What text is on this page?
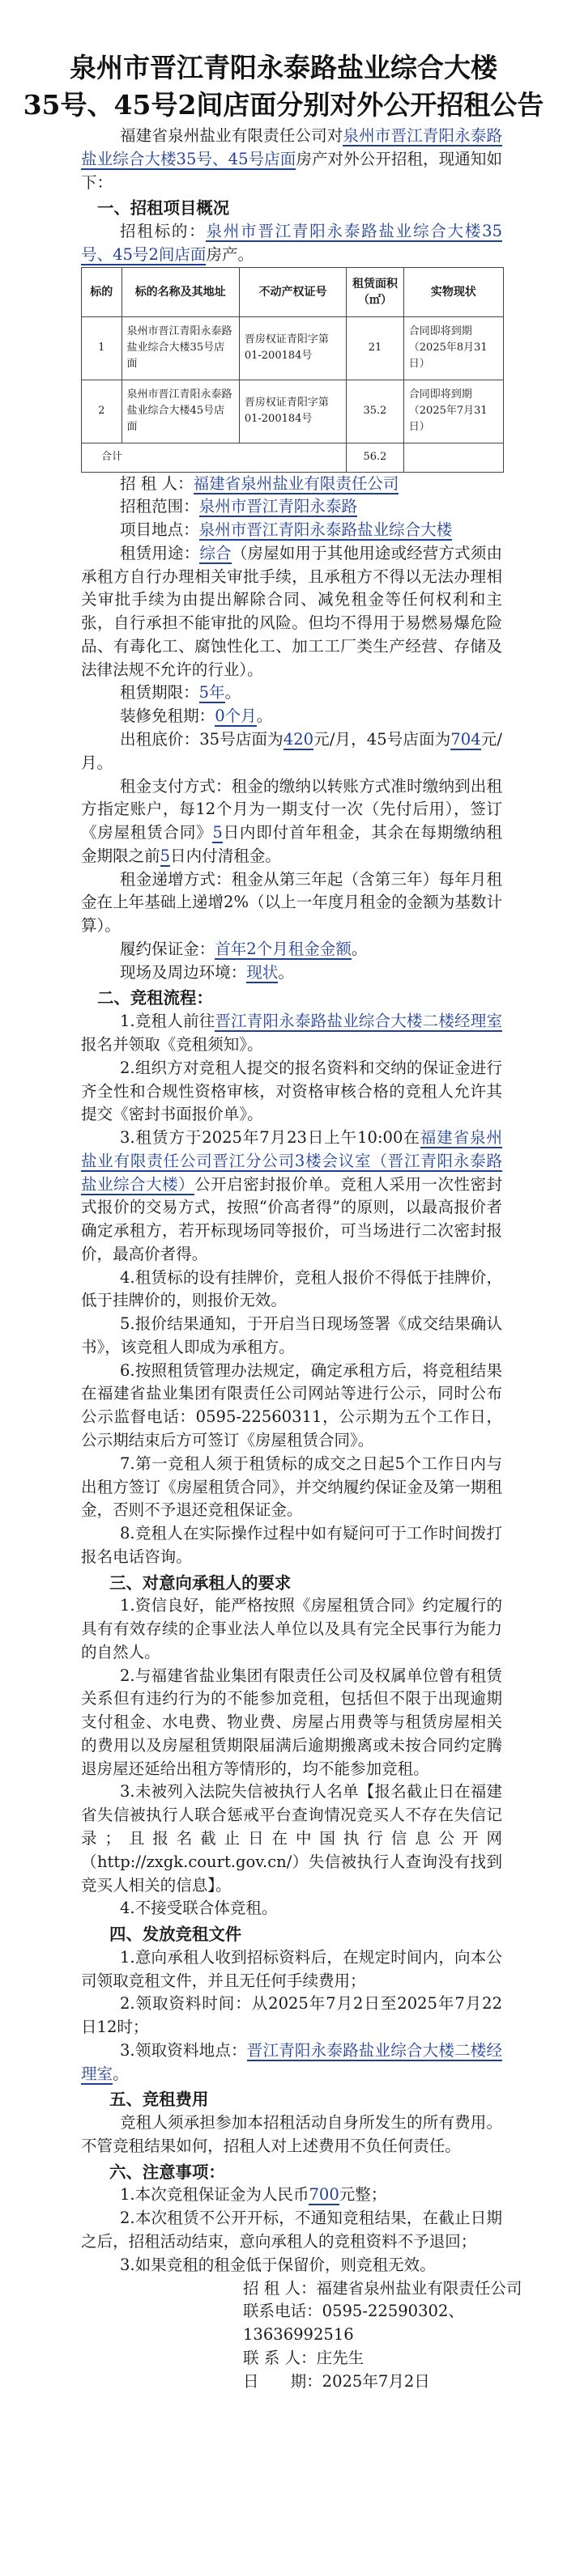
泉州市晋江青阳永泰路盐业综合大楼
35号、45号2间店面分别对外公开招租公告
福建省泉州盐业有限责任公司对泉州市晋江青阳永泰路盐业综合大楼35号、45号店面房产对外公开招租，现通知如下：
一、招租项目概况
招租标的：泉州市晋江青阳永泰路盐业综合大楼35号、45号2间店面房产。
标的	标的名称及其地址	不动产权证号	租赁面积（㎡）	实物现状
1	泉州市晋江青阳永泰路盐业综合大楼35号店面	晋房权证青阳字第01-200184号	21	合同即将到期（2025年8月31日）
2	泉州市晋江青阳永泰路盐业综合大楼45号店面	晋房权证青阳字第01-200184号	35.2	合同即将到期（2025年7月31日）
合计			56.2	
招 租 人：福建省泉州盐业有限责任公司
招租范围：泉州市晋江青阳永泰路
项目地点：泉州市晋江青阳永泰路盐业综合大楼
租赁用途：综合（房屋如用于其他用途或经营方式须由承租方自行办理相关审批手续，且承租方不得以无法办理相关审批手续为由提出解除合同、减免租金等任何权利和主张，自行承担不能审批的风险。但均不得用于易燃易爆危险品、有毒化工、腐蚀性化工、加工工厂类生产经营、存储及法律法规不允许的行业）。
租赁期限：5年。
装修免租期：0个月。
出租底价：35号店面为420元/月，45号店面为704元/月。
租金支付方式：租金的缴纳以转账方式准时缴纳到出租方指定账户，每12个月为一期支付一次（先付后用），签订《房屋租赁合同》5日内即付首年租金，其余在每期缴纳租金期限之前5日内付清租金。
租金递增方式：租金从第三年起（含第三年）每年月租金在上年基础上递增2%（以上一年度月租金的金额为基数计算）。
履约保证金：首年2个月租金金额。
现场及周边环境：现状。
二、竞租流程：
1.竞租人前往晋江青阳永泰路盐业综合大楼二楼经理室报名并领取《竞租须知》。
2.组织方对竞租人提交的报名资料和交纳的保证金进行齐全性和合规性资格审核，对资格审核合格的竞租人允许其提交《密封书面报价单》。
3.租赁方于2025年7月23日上午10:00在福建省泉州盐业有限责任公司晋江分公司3楼会议室（晋江青阳永泰路盐业综合大楼）公开启密封报价单。竞租人采用一次性密封式报价的交易方式，按照“价高者得”的原则，以最高报价者确定承租方，若开标现场同等报价，可当场进行二次密封报价，最高价者得。
4.租赁标的设有挂牌价，竞租人报价不得低于挂牌价，低于挂牌价的，则报价无效。
5.报价结果通知，于开启当日现场签署《成交结果确认书》，该竞租人即成为承租方。
6.按照租赁管理办法规定，确定承租方后，将竞租结果在福建省盐业集团有限责任公司网站等进行公示，同时公布公示监督电话：0595-22560311，公示期为五个工作日，公示期结束后方可签订《房屋租赁合同》。
7.第一竞租人须于租赁标的成交之日起5个工作日内与出租方签订《房屋租赁合同》，并交纳履约保证金及第一期租金，否则不予退还竞租保证金。
8.竞租人在实际操作过程中如有疑问可于工作时间拨打报名电话咨询。
三、对意向承租人的要求
1.资信良好，能严格按照《房屋租赁合同》约定履行的具有有效存续的企事业法人单位以及具有完全民事行为能力的自然人。
2.与福建省盐业集团有限责任公司及权属单位曾有租赁关系但有违约行为的不能参加竞租，包括但不限于出现逾期支付租金、水电费、物业费、房屋占用费等与租赁房屋相关的费用以及房屋租赁期限届满后逾期搬离或未按合同约定腾退房屋还延给出租方等情形的，均不能参加竞租。
3.未被列入法院失信被执行人名单【报名截止日在福建省失信被执行人联合惩戒平台查询情况竞买人不存在失信记录；且报名截止日在中国执行信息公开网（http://zxgk.court.gov.cn/）失信被执行人查询没有找到竞买人相关的信息】。
4.不接受联合体竞租。
四、发放竞租文件
1.意向承租人收到招标资料后，在规定时间内，向本公司领取竞租文件，并且无任何手续费用；
2.领取资料时间：从2025年7月2日至2025年7月22日12时；
3.领取资料地点：晋江青阳永泰路盐业综合大楼二楼经理室。
五、竞租费用
竞租人须承担参加本招租活动自身所发生的所有费用。不管竞租结果如何，招租人对上述费用不负任何责任。
六、注意事项：
1.本次竞租保证金为人民币700元整；
2.本次租赁不公开开标，不通知竞租结果，在截止日期之后，招租活动结束，意向承租人的竞租资料不予退回；
3.如果竞租的租金低于保留价，则竞租无效。
招 租 人：福建省泉州盐业有限责任公司
联系电话：0595-22590302、13636992516
联 系 人：庄先生
日　　期：2025年7月2日
